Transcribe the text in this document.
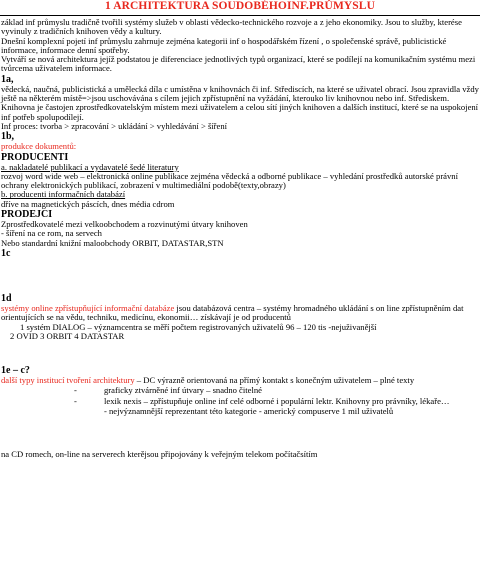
1 ARCHITEKTURA SOUDOBÉHOINF.PRŮMYSLU

základ inf průmyslu tradičně tvořili systémy služeb v oblasti vědecko-technického rozvoje a z jeho ekonomiky. Jsou to služby, kterése vyvinuly z tradičních knihoven vědy a kultury.

Dnešní komplexní pojetí inf průmyslu zahrnuje zejména kategorii inf o hospodářském řízení , o společenské správě, publicistické informace, informace denní spotřeby.

Vytváří se nová architektura jejíž podstatou je diferenciace jednotlivých typů organizací, které se podílejí na komunikačním systému mezi tvůrcema uživatelem informace.

1a,

vědecká, naučná, publicistická a umělecká díla c umístěna v knihovnách či inf. Střediscích, na které se uživatel obrací. Jsou zpravidla vždy ještě na některém místě=>jsou uschovávána s cílem jejich zpřístupnění na vyžádání, kterouko liv knihovnou nebo inf. Střediskem.

Knihovna je častojen zprostředkovatelským místem mezi uživatelem a celou sítí jiných knihoven a dalších institucí, které se na uspokojení inf potřeb spolupodílejí.

Inf proces: tvorba > zpracování > ukládání > vyhledávání > šíření

1b,

produkce dokumentů:

PRODUCENTI

a. nakladatelé publikací a vydavatelé šedé literatury

rozvoj word wide web – elektronická online publikace zejména vědecká a odborné publikace – vyhledání prostředků autorské právní ochrany elektronických publikací, zobrazení v multimediální podobě(texty,obrazy)

b. producenti informačních databází

dříve na magnetických páscích, dnes média cdrom

PRODEJCI

Zprostředkovatelé mezi velkoobchodem a rozvinutými útvary knihoven

- šíření na ce rom, na servech

Nebo standardní knižní maloobchody ORBIT, DATASTAR,STN

1c

1d

systémy online zpřístupňující informační databáze jsou databázová centra – systémy hromadného ukládání s on line zpřístupněním dat orientujících se na vědu, techniku, medicínu, ekonomii… získávají je od producentů

1 systém DIALOG – významcentra se měří počtem registrovaných uživatelů 96 – 120 tis -nejuživanější

2 OVID 3 ORBIT 4 DATASTAR

1e – c?

další typy institucí tvoření architektury – DC výrazně orientovaná na přímý kontakt s konečným uživatelem – plné texty

- graficky ztvárněné inf útvary – snadno čitelné
- lexik nexis – zpřístupňuje online inf celé odborné i populární lektr. Knihovny pro právníky, lékaře…

- nejvýznamnější reprezentant této kategorie - americký compuserve 1 mil uživatelů

na CD romech, on-line na serverech kterějsou připojovány k veřejným telekom počítačsítím
